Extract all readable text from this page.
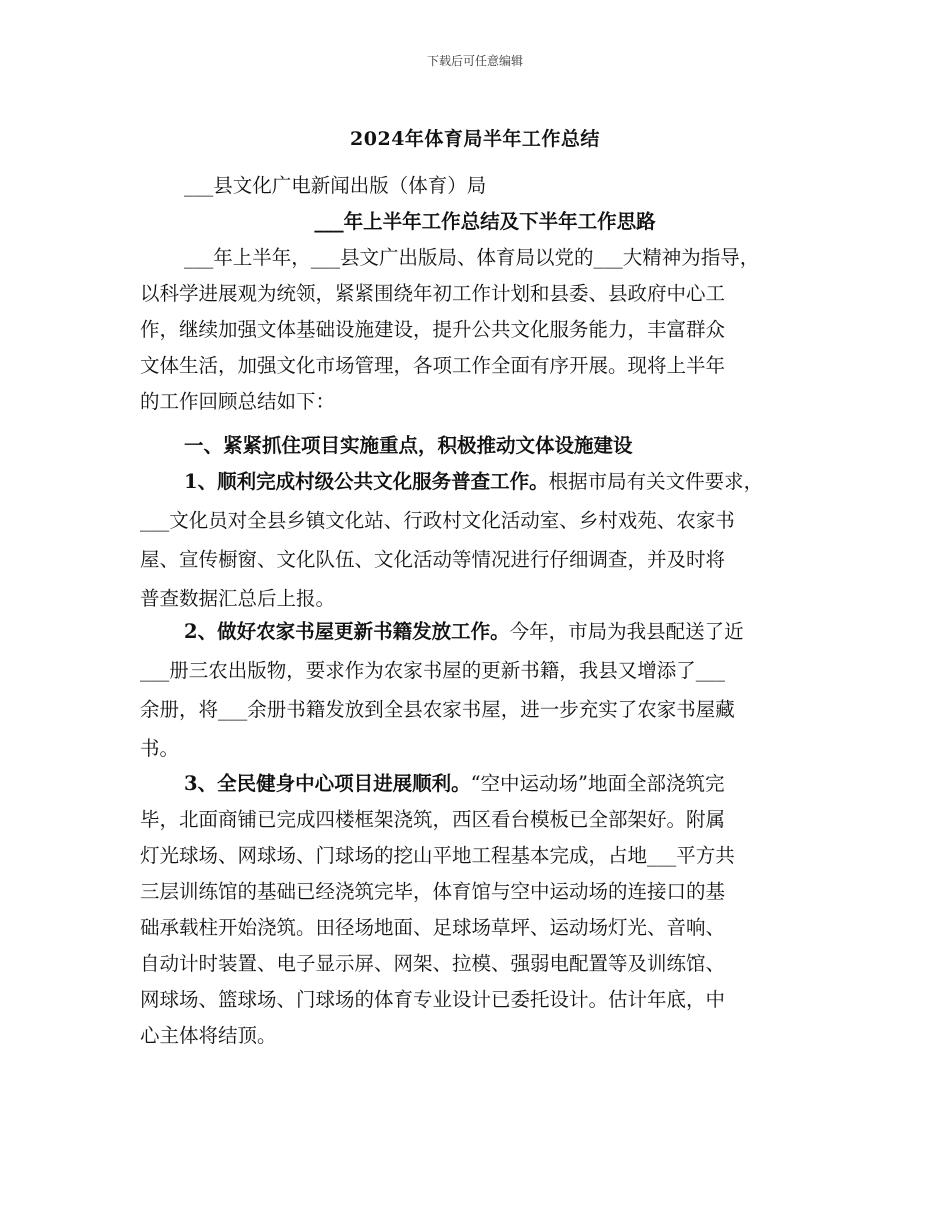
下载后可任意编辑
2024年体育局半年工作总结
___县文化广电新闻出版（体育）局
___年上半年工作总结及下半年工作思路
___年上半年，___县文广出版局、体育局以党的___大精神为指导，
以科学进展观为统领，紧紧围绕年初工作计划和县委、县政府中心工
作，继续加强文体基础设施建设，提升公共文化服务能力，丰富群众
文体生活，加强文化市场管理，各项工作全面有序开展。现将上半年
的工作回顾总结如下：
一、紧紧抓住项目实施重点，积极推动文体设施建设
1、顺利完成村级公共文化服务普查工作。根据市局有关文件要求，
___文化员对全县乡镇文化站、行政村文化活动室、乡村戏苑、农家书
屋、宣传橱窗、文化队伍、文化活动等情况进行仔细调查，并及时将
普查数据汇总后上报。
2、做好农家书屋更新书籍发放工作。今年，市局为我县配送了近
___册三农出版物，要求作为农家书屋的更新书籍，我县又增添了___
余册，将___余册书籍发放到全县农家书屋，进一步充实了农家书屋藏
书。
3、全民健身中心项目进展顺利。“空中运动场”地面全部浇筑完
毕，北面商铺已完成四楼框架浇筑，西区看台模板已全部架好。附属
灯光球场、网球场、门球场的挖山平地工程基本完成，占地___平方共
三层训练馆的基础已经浇筑完毕，体育馆与空中运动场的连接口的基
础承载柱开始浇筑。田径场地面、足球场草坪、运动场灯光、音响、
自动计时装置、电子显示屏、网架、拉模、强弱电配置等及训练馆、
网球场、篮球场、门球场的体育专业设计已委托设计。估计年底，中
心主体将结顶。
